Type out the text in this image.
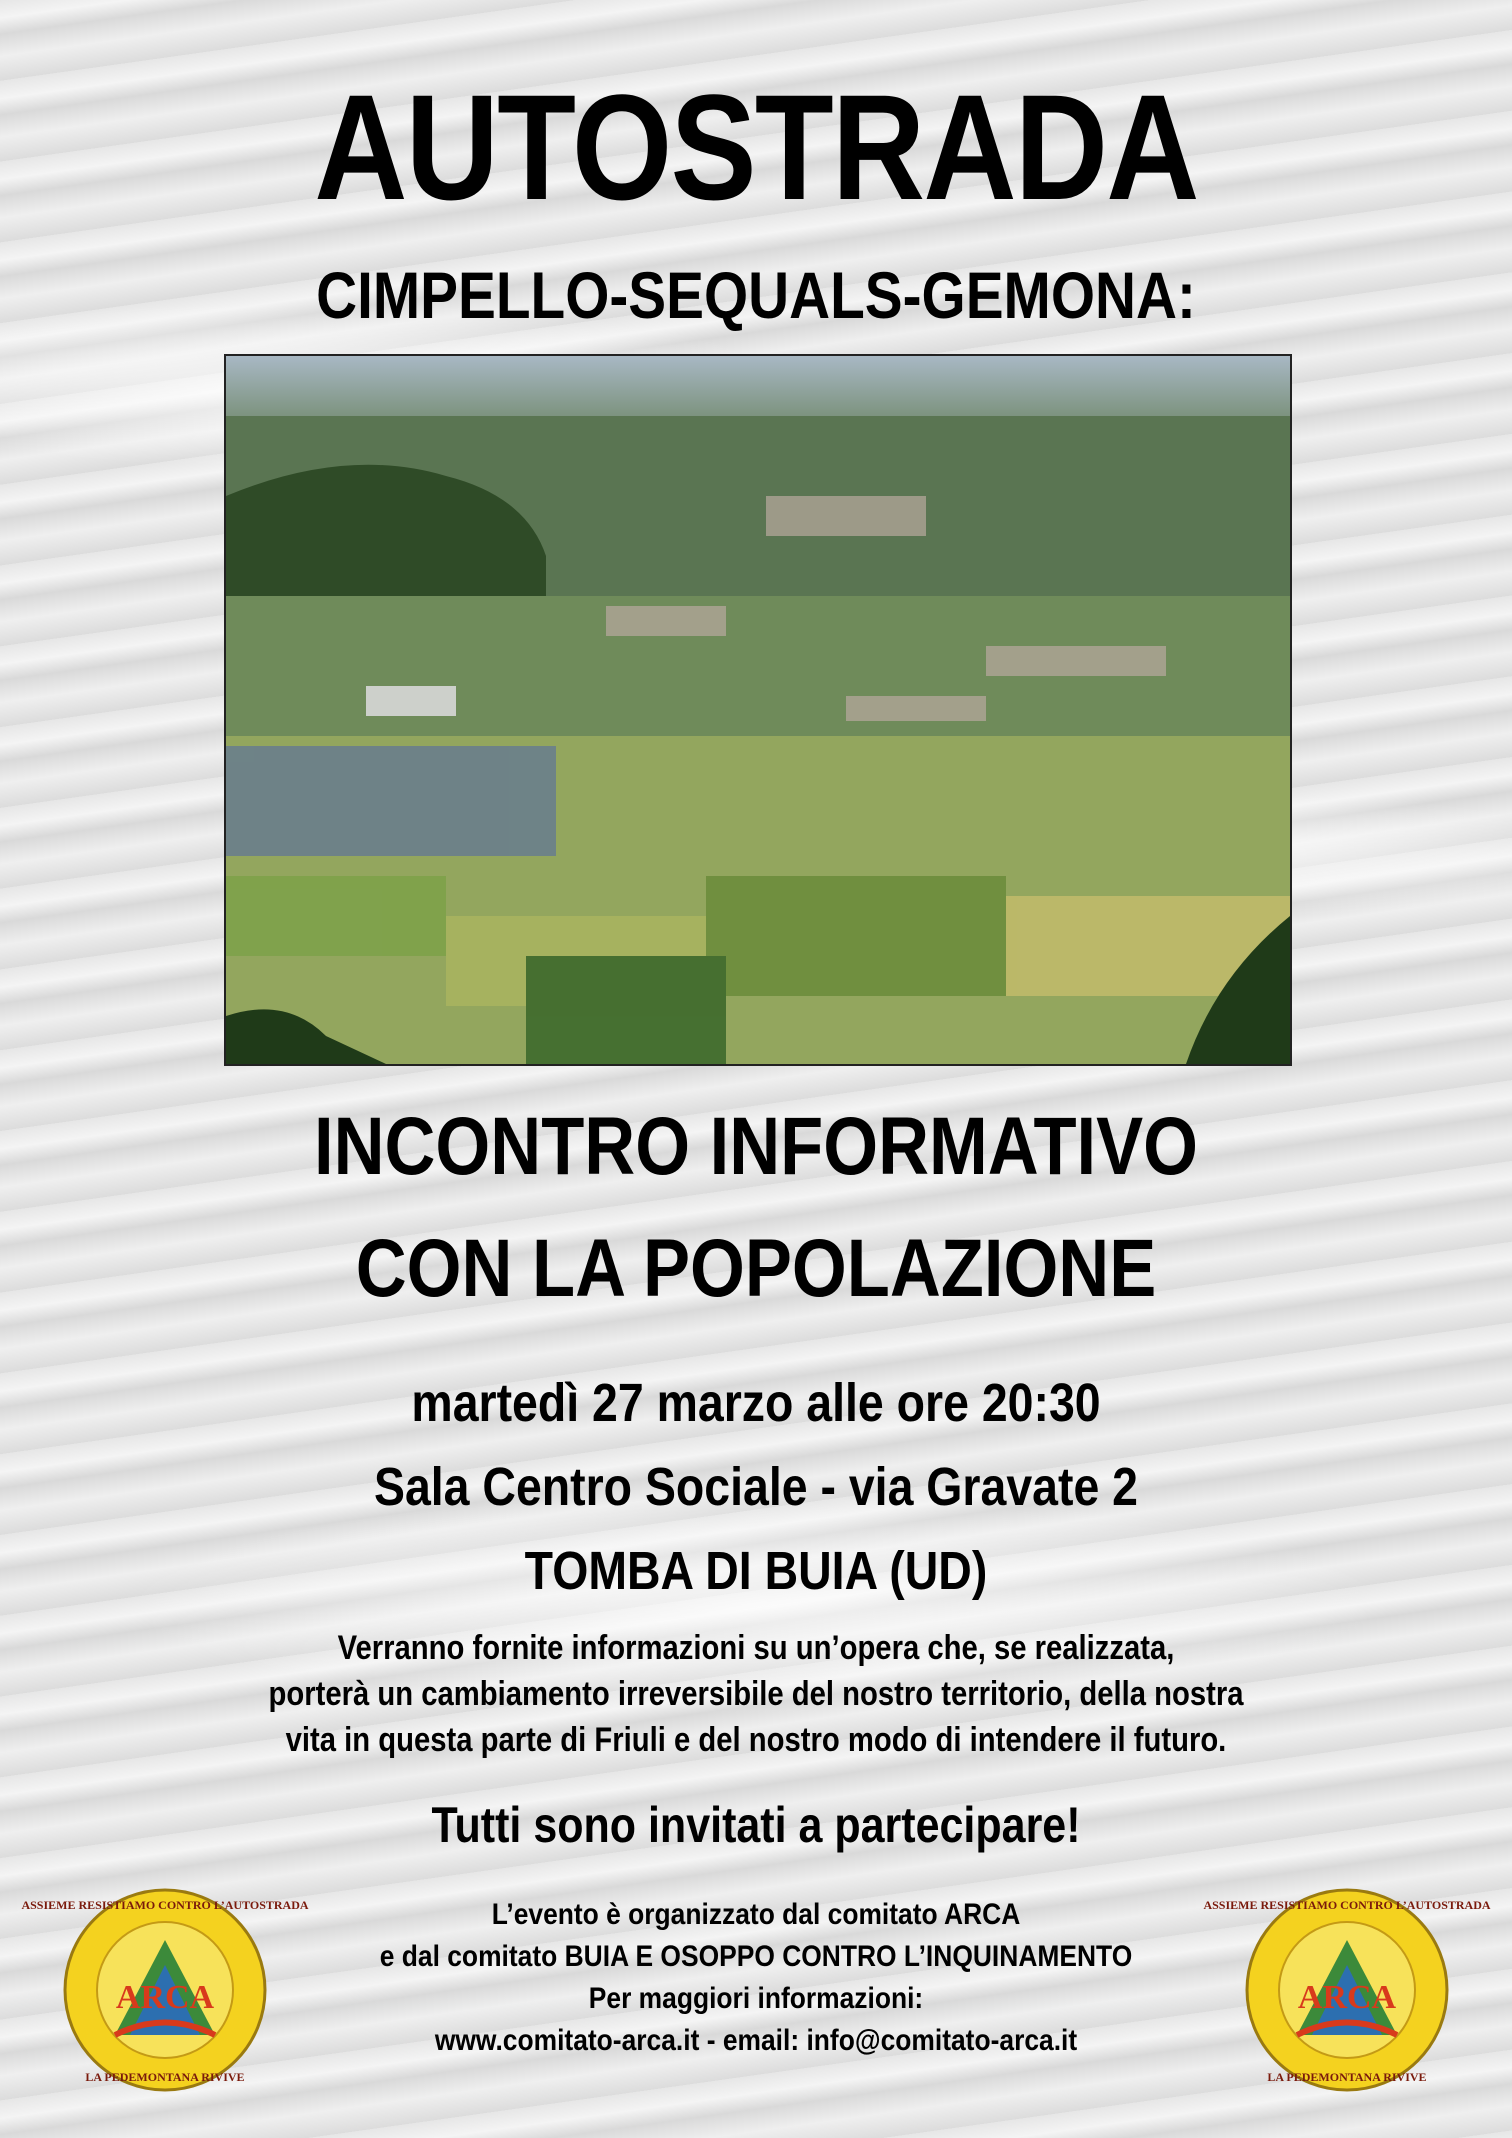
AUTOSTRADA
CIMPELLO-SEQUALS-GEMONA:
INCONTRO INFORMATIVO
CON LA POPOLAZIONE
martedì 27 marzo alle ore 20:30
Sala Centro Sociale - via Gravate 2
TOMBA DI BUIA (UD)
Verranno fornite informazioni su un’opera che, se realizzata,
porterà un cambiamento irreversibile del nostro territorio, della nostra
vita in questa parte di Friuli e del nostro modo di intendere il futuro.
Tutti sono invitati a partecipare!
L’evento è organizzato dal comitato ARCA
e dal comitato BUIA E OSOPPO CONTRO L’INQUINAMENTO
Per maggiori informazioni:
www.comitato-arca.it - email: info@comitato-arca.it
ARCA
ASSIEME RESISTIAMO CONTRO L’AUTOSTRADA
LA PEDEMONTANA RIVIVE
ARCA
ASSIEME RESISTIAMO CONTRO L’AUTOSTRADA
LA PEDEMONTANA RIVIVE
